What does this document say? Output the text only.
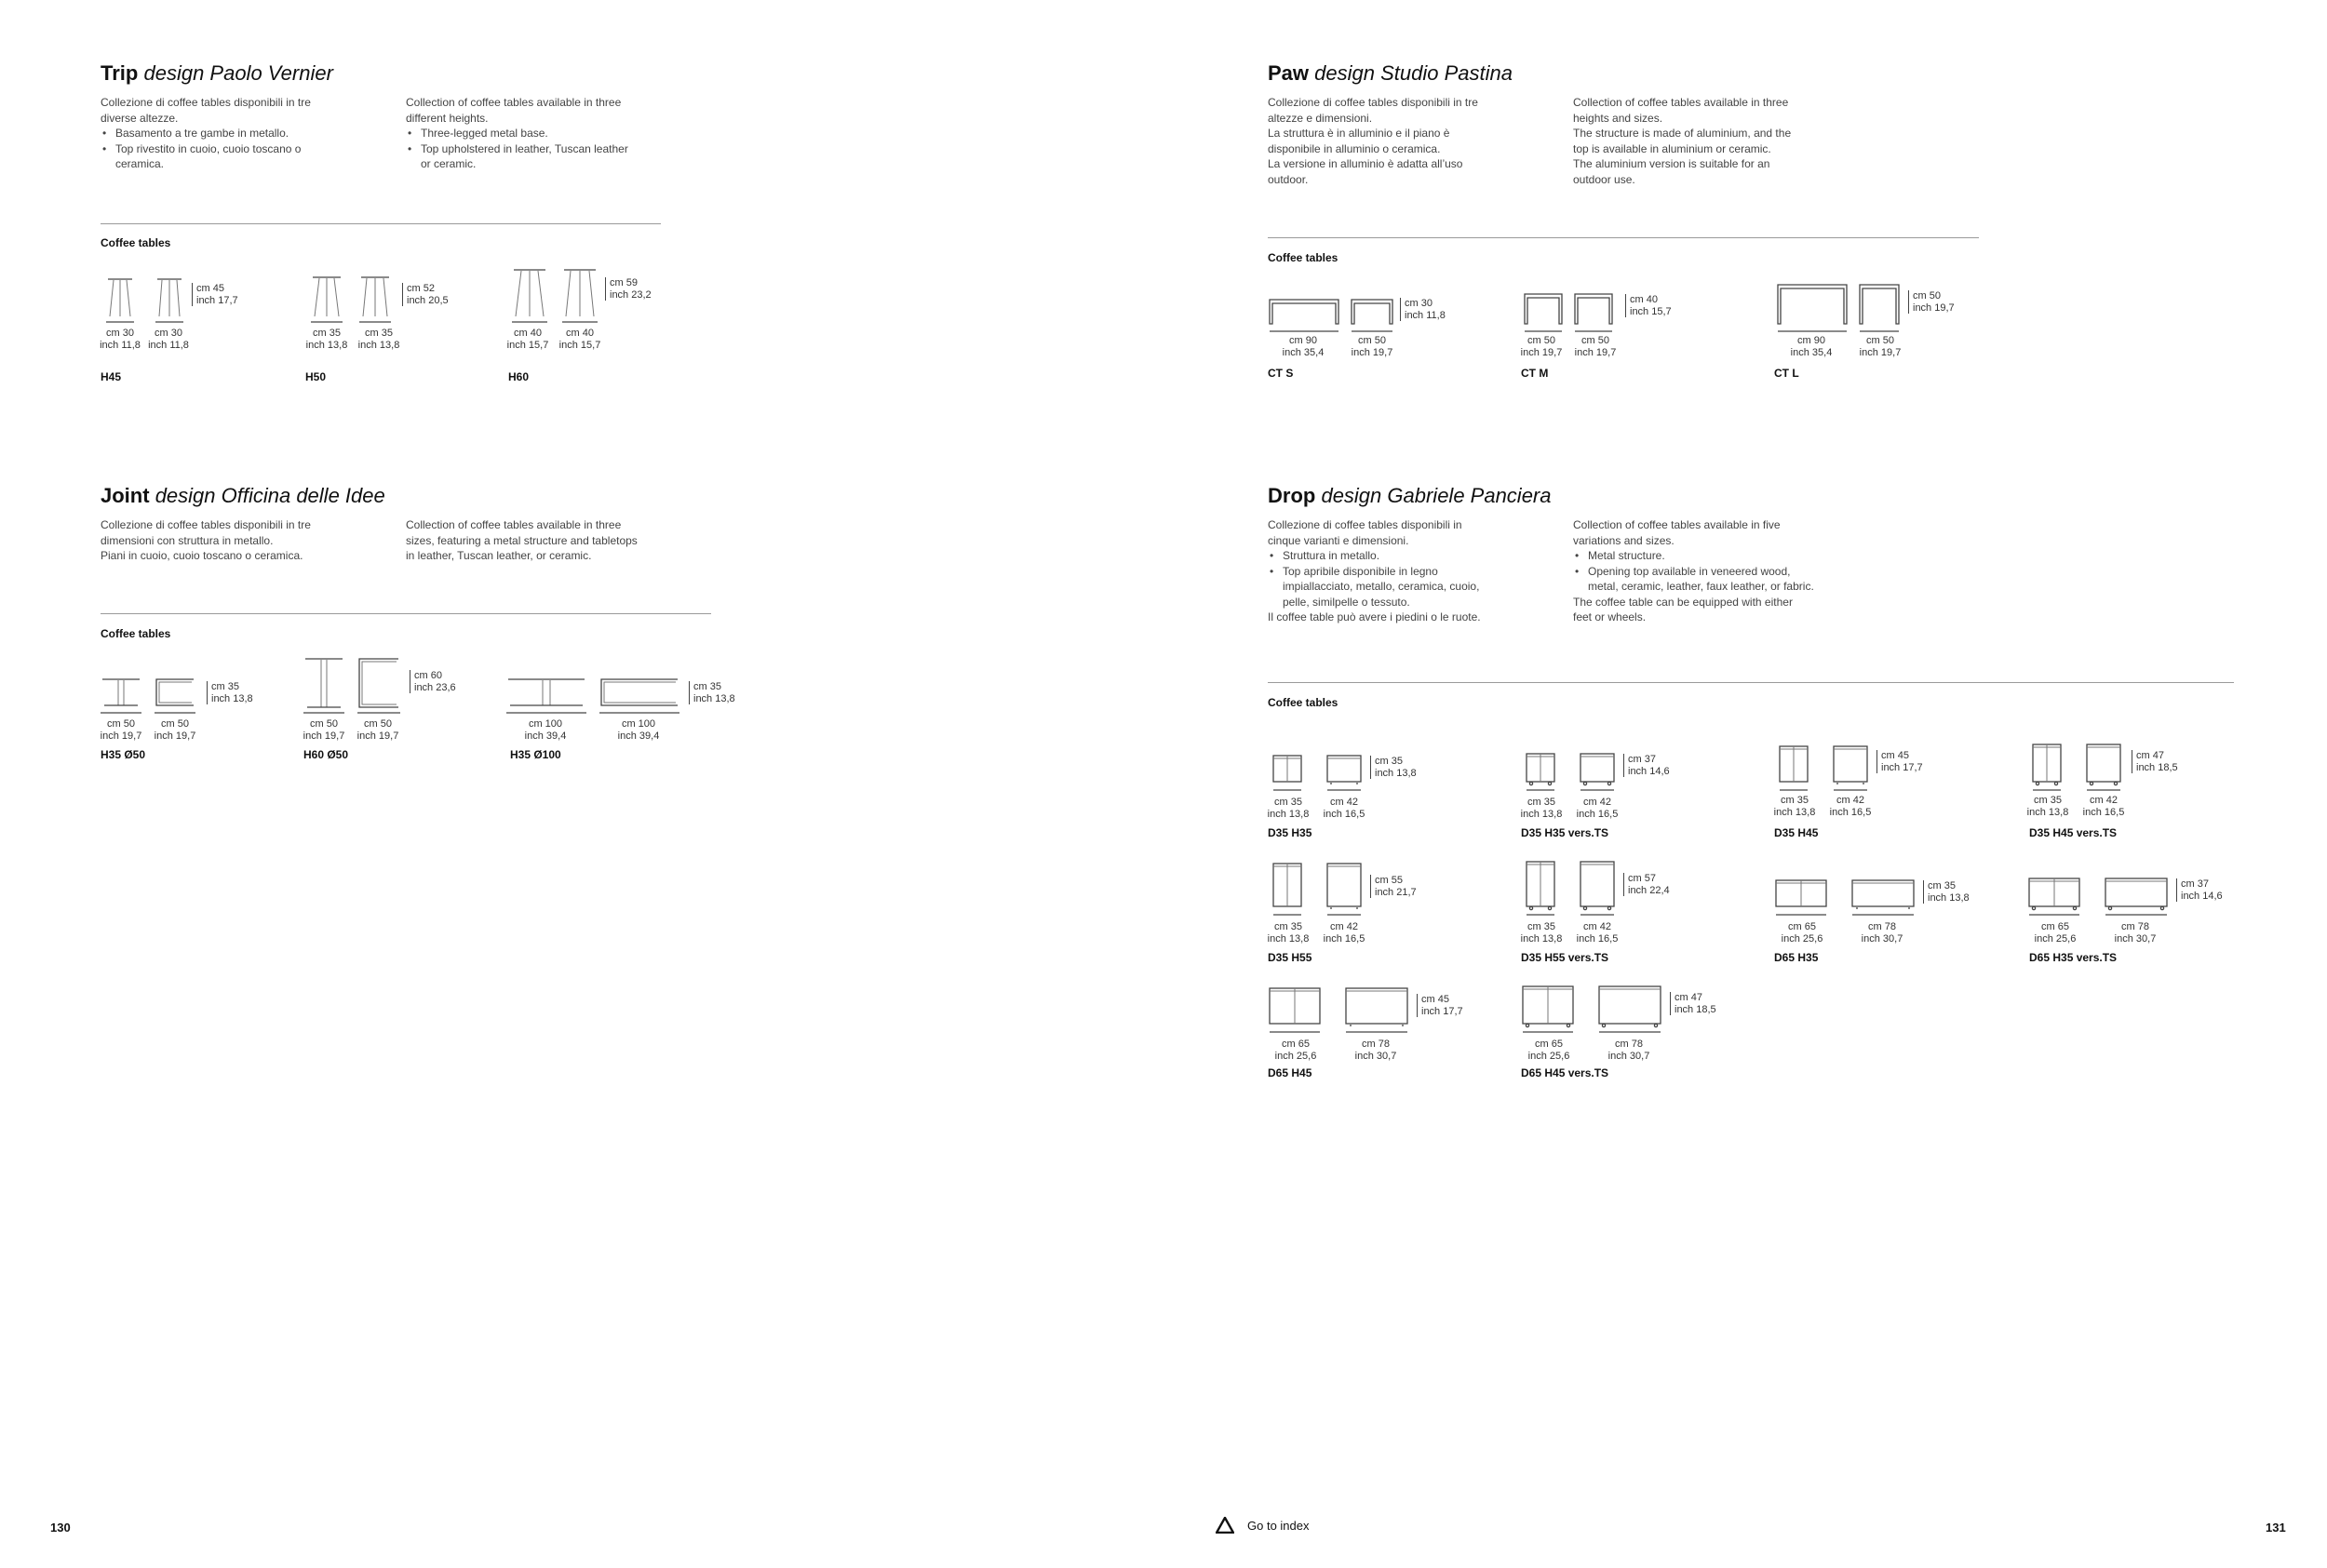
Trip design Paolo Vernier
Collezione di coffee tables disponibili in tre
diverse altezze.
• Basamento a tre gambe in metallo.
• Top rivestito in cuoio, cuoio toscano o
ceramica.
Collection of coffee tables available in three
different heights.
• Three-legged metal base.
• Top upholstered in leather, Tuscan leather
or ceramic.
Coffee tables
cm 45
inch 17,7
cm 30
inch 11,8
cm 30
inch 11,8
H45
cm 52
inch 20,5
cm 35
inch 13,8
cm 35
inch 13,8
H50
cm 59
inch 23,2
cm 40
inch 15,7
cm 40
inch 15,7
H60
Joint design Officina delle Idee
Collezione di coffee tables disponibili in tre
dimensioni con struttura in metallo.
Piani in cuoio, cuoio toscano o ceramica.
Collection of coffee tables available in three
sizes, featuring a metal structure and tabletops
in leather, Tuscan leather, or ceramic.
Coffee tables
cm 35
inch 13,8
cm 50
inch 19,7
cm 50
inch 19,7
H35 Ø50
cm 60
inch 23,6
cm 50
inch 19,7
cm 50
inch 19,7
H60 Ø50
cm 35
inch 13,8
cm 100
inch 39,4
cm 100
inch 39,4
H35 Ø100
Paw design Studio Pastina
Collezione di coffee tables disponibili in tre
altezze e dimensioni.
La struttura è in alluminio e il piano è
disponibile in alluminio o ceramica.
La versione in alluminio è adatta all’uso
outdoor.
Collection of coffee tables available in three
heights and sizes.
The structure is made of aluminium, and the
top is available in aluminium or ceramic.
The aluminium version is suitable for an
outdoor use.
Coffee tables
cm 30
inch 11,8
cm 90
inch 35,4
cm 50
inch 19,7
CT S
cm 40
inch 15,7
cm 50
inch 19,7
cm 50
inch 19,7
CT M
cm 50
inch 19,7
cm 90
inch 35,4
cm 50
inch 19,7
CT L
Drop design Gabriele Panciera
Collezione di coffee tables disponibili in
cinque varianti e dimensioni.
• Struttura in metallo.
• Top apribile disponibile in legno
impiallacciato, metallo, ceramica, cuoio,
pelle, similpelle o tessuto.
Il coffee table può avere i piedini o le ruote.
Collection of coffee tables available in five
variations and sizes.
• Metal structure.
• Opening top available in veneered wood,
metal, ceramic, leather, faux leather, or fabric.
The coffee table can be equipped with either
feet or wheels.
Coffee tables
cm 35
inch 13,8
cm 35
inch 13,8
cm 42
inch 16,5
D35 H35
cm 37
inch 14,6
cm 35
inch 13,8
cm 42
inch 16,5
D35 H35 vers.TS
cm 45
inch 17,7
cm 35
inch 13,8
cm 42
inch 16,5
D35 H45
cm 47
inch 18,5
cm 35
inch 13,8
cm 42
inch 16,5
D35 H45 vers.TS
cm 55
inch 21,7
cm 35
inch 13,8
cm 42
inch 16,5
D35 H55
cm 57
inch 22,4
cm 35
inch 13,8
cm 42
inch 16,5
D35 H55 vers.TS
cm 35
inch 13,8
cm 65
inch 25,6
cm 78
inch 30,7
D65 H35
cm 37
inch 14,6
cm 65
inch 25,6
cm 78
inch 30,7
D65 H35 vers.TS
cm 45
inch 17,7
cm 65
inch 25,6
cm 78
inch 30,7
D65 H45
cm 47
inch 18,5
cm 65
inch 25,6
cm 78
inch 30,7
D65 H45 vers.TS
130	131
Go to index
